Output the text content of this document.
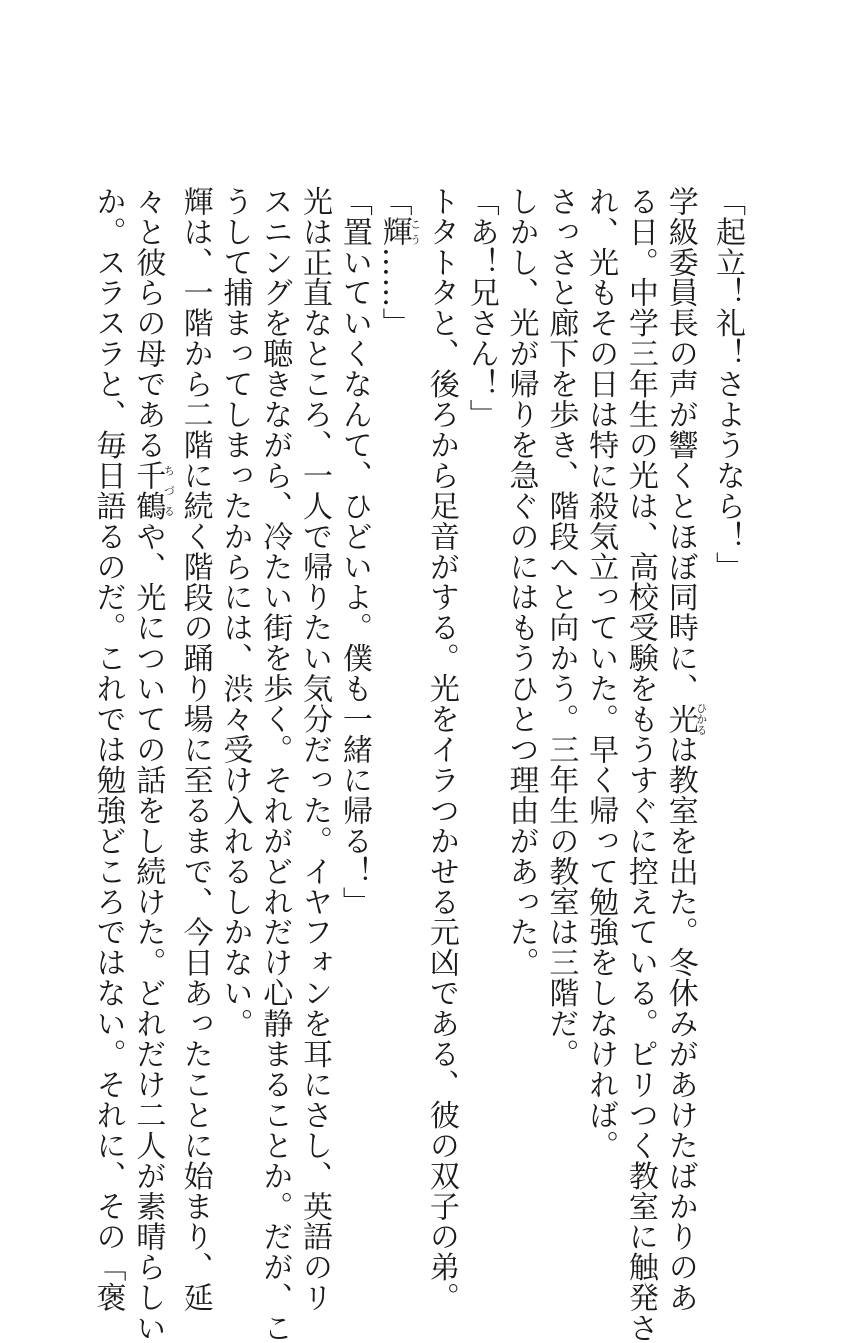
「起立！礼！さようなら！」
学級委員長の声が響くとほぼ同時に、光ひかるは教室を出た。冬休みがあけたばかりのあ
る日。中学三年生の光は、高校受験をもうすぐに控えている。ピリつく教室に触発さ
れ、光もその日は特に殺気立っていた。早く帰って勉強をしなければ。
さっさと廊下を歩き、階段へと向かう。三年生の教室は三階だ。
しかし、光が帰りを急ぐのにはもうひとつ理由があった。
「あ！兄さん！」
トタトタと、後ろから足音がする。光をイラつかせる元凶である、彼の双子の弟。
「輝こう……」
「置いていくなんて、ひどいよ。僕も一緒に帰る！」
光は正直なところ、一人で帰りたい気分だった。イヤフォンを耳にさし、英語のリ
スニングを聴きながら、冷たい街を歩く。それがどれだけ心静まることか。だが、こ
うして捕まってしまったからには、渋々受け入れるしかない。
輝は、一階から二階に続く階段の踊り場に至るまで、今日あったことに始まり、延
々と彼らの母である千鶴ちづるや、光についての話をし続けた。どれだけ二人が素晴らしい
か。スラスラと、毎日語るのだ。これでは勉強どころではない。それに、その「褒
